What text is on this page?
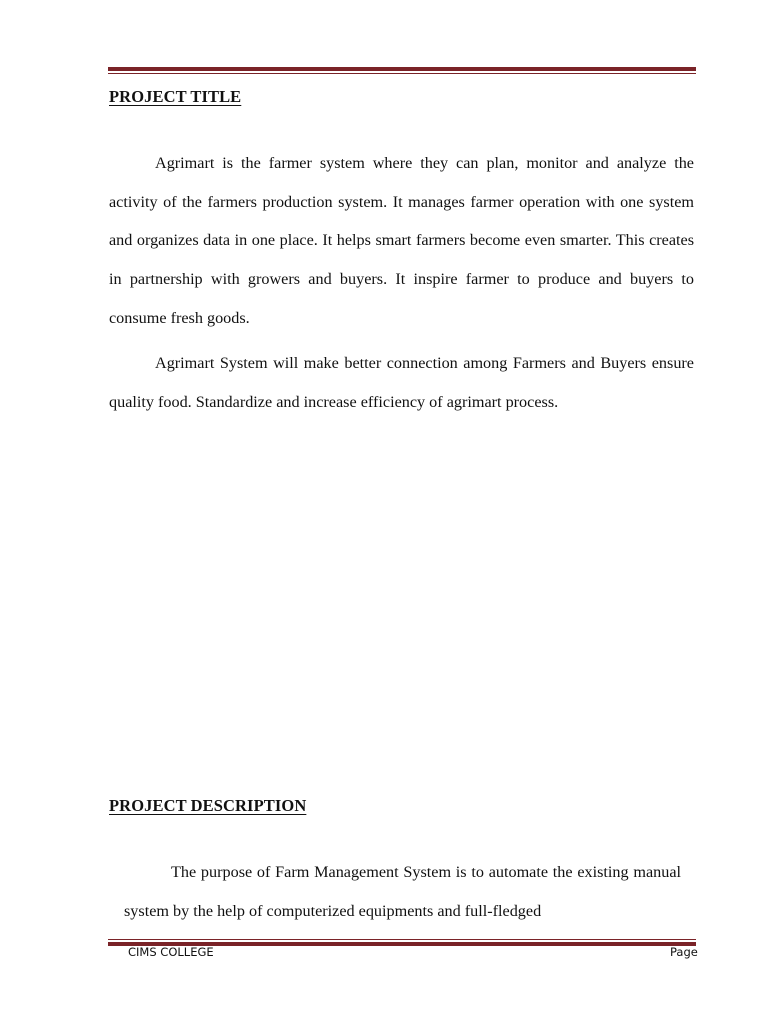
PROJECT TITLE

Agrimart is the farmer system where they can plan, monitor and analyze the activity of the farmers production system. It manages farmer operation with one system and organizes data in one place. It helps smart farmers become even smarter. This creates in partnership with growers and buyers. It inspire farmer to produce and buyers to consume fresh goods.

Agrimart System will make better connection among Farmers and Buyers ensure quality food. Standardize and increase efficiency of agrimart process.

PROJECT DESCRIPTION

The purpose of Farm Management System is to automate the existing manual system by the help of computerized equipments and full-fledged

CIMS COLLEGE	Page
